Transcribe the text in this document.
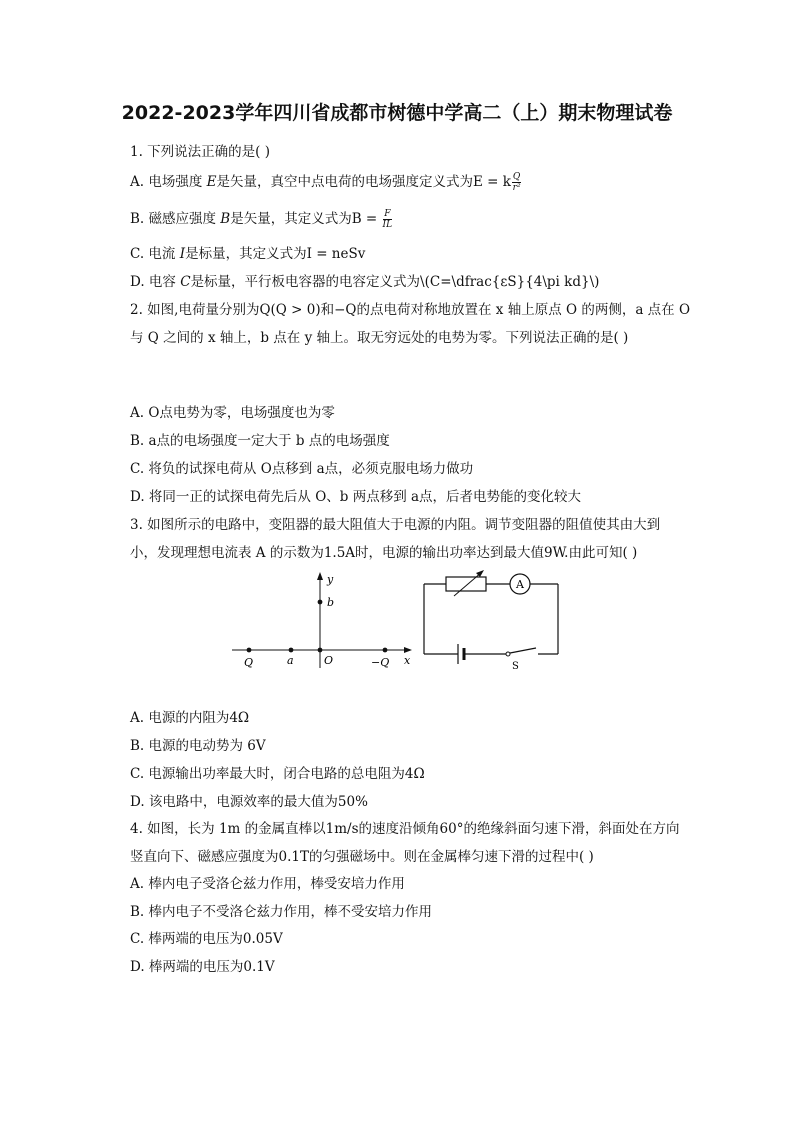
2022-2023学年四川省成都市树德中学高二（上）期末物理试卷
1. 下列说法正确的是( )
A. 电场强度 E是矢量，真空中点电荷的电场强度定义式为E = k $\frac{Q}{\text{r²}}$
B. 磁感应强度 B是矢量，其定义式为$B = \frac{F}{IL}$
C. 电流 I是标量，其定义式为I = neSv
D. 电容 C是标量，平行板电容器的电容定义式为\(C=\dfrac{εS}{4\pi kd}\)
2. 如图,电荷量分别为Q(Q > 0)和−Q的点电荷对称地放置在 x 轴上原点 O 的两侧，a 点在 O
与 Q 之间的 x 轴上，b 点在 y 轴上。取无穷远处的电势为零。下列说法正确的是( )
A. O点电势为零，电场强度也为零
B. a点的电场强度一定大于 b 点的电场强度
C. 将负的试探电荷从 O点移到 a点，必须克服电场力做功
D. 将同一正的试探电荷先后从 O、b 两点移到 a点，后者电势能的变化较大
3. 如图所示的电路中，变阻器的最大阻值大于电源的内阻。调节变阻器的阻值使其由大到
小，发现理想电流表 A 的示数为1.5A时，电源的输出功率达到最大值9W.由此可知( )
y
b
Q	a	O	−Q x
A
S
A. 电源的内阻为4Ω
B. 电源的电动势为 6V
C. 电源输出功率最大时，闭合电路的总电阻为4Ω
D. 该电路中，电源效率的最大值为50%
4. 如图，长为 1m 的金属直棒以1m/s的速度沿倾角60°的绝缘斜面匀速下滑，斜面处在方向
竖直向下、磁感应强度为0.1T的匀强磁场中。则在金属棒匀速下滑的过程中( )
A. 棒内电子受洛仑兹力作用，棒受安培力作用
B. 棒内电子不受洛仑兹力作用，棒不受安培力作用
C. 棒两端的电压为0.05V
D. 棒两端的电压为0.1V
